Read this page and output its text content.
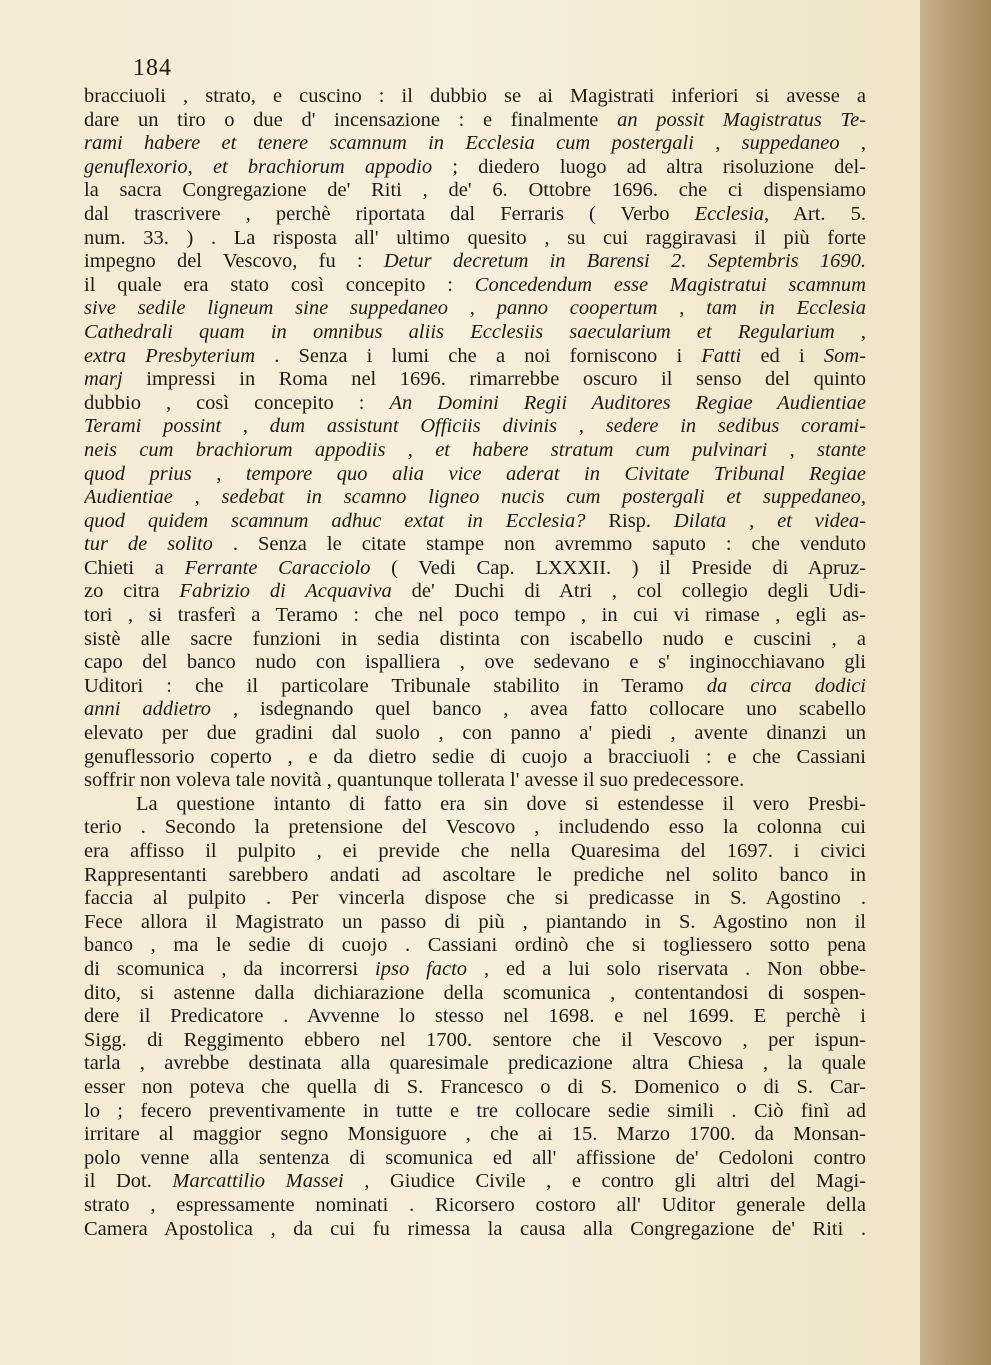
184
bracciuoli , strato, e cuscino : il dubbio se ai Magistrati inferiori si avesse a
dare un tiro o due d' incensazione : e finalmente an possit Magistratus Te-
rami habere et tenere scamnum in Ecclesia cum postergali , suppedaneo ,
genuflexorio, et brachiorum appodio ; diedero luogo ad altra risoluzione del-
la sacra Congregazione de' Riti , de' 6. Ottobre 1696. che ci dispensiamo
dal trascrivere , perchè riportata dal Ferraris ( Verbo Ecclesia, Art. 5.
num. 33. ) . La risposta all' ultimo quesito , su cui raggiravasi il più forte
impegno del Vescovo, fu : Detur decretum in Barensi 2. Septembris 1690.
il quale era stato così concepito : Concedendum esse Magistratui scamnum
sive sedile ligneum sine suppedaneo , panno coopertum , tam in Ecclesia
Cathedrali quam in omnibus aliis Ecclesiis saecularium et Regularium ,
extra Presbyterium . Senza i lumi che a noi forniscono i Fatti ed i Som-
marj impressi in Roma nel 1696. rimarrebbe oscuro il senso del quinto
dubbio , così concepito : An Domini Regii Auditores Regiae Audientiae
Terami possint , dum assistunt Officiis divinis , sedere in sedibus corami-
neis cum brachiorum appodiis , et habere stratum cum pulvinari , stante
quod prius , tempore quo alia vice aderat in Civitate Tribunal Regiae
Audientiae , sedebat in scamno ligneo nucis cum postergali et suppedaneo,
quod quidem scamnum adhuc extat in Ecclesia? Risp. Dilata , et videa-
tur de solito . Senza le citate stampe non avremmo saputo : che venduto
Chieti a Ferrante Caracciolo ( Vedi Cap. LXXXII. ) il Preside di Apruz-
zo citra Fabrizio di Acquaviva de' Duchi di Atri , col collegio degli Udi-
tori , si trasferì a Teramo : che nel poco tempo , in cui vi rimase , egli as-
sistè alle sacre funzioni in sedia distinta con iscabello nudo e cuscini , a
capo del banco nudo con ispalliera , ove sedevano e s' inginocchiavano gli
Uditori : che il particolare Tribunale stabilito in Teramo da circa dodici
anni addietro , isdegnando quel banco , avea fatto collocare uno scabello
elevato per due gradini dal suolo , con panno a' piedi , avente dinanzi un
genuflessorio coperto , e da dietro sedie di cuojo a bracciuoli : e che Cassiani
soffrir non voleva tale novità , quantunque tollerata l' avesse il suo predecessore.
La questione intanto di fatto era sin dove si estendesse il vero Presbi-
terio . Secondo la pretensione del Vescovo , includendo esso la colonna cui
era affisso il pulpito , ei previde che nella Quaresima del 1697. i civici
Rappresentanti sarebbero andati ad ascoltare le prediche nel solito banco in
faccia al pulpito . Per vincerla dispose che si predicasse in S. Agostino .
Fece allora il Magistrato un passo di più , piantando in S. Agostino non il
banco , ma le sedie di cuojo . Cassiani ordinò che si togliessero sotto pena
di scomunica , da incorrersi ipso facto , ed a lui solo riservata . Non obbe-
dito, si astenne dalla dichiarazione della scomunica , contentandosi di sospen-
dere il Predicatore . Avvenne lo stesso nel 1698. e nel 1699. E perchè i
Sigg. di Reggimento ebbero nel 1700. sentore che il Vescovo , per ispun-
tarla , avrebbe destinata alla quaresimale predicazione altra Chiesa , la quale
esser non poteva che quella di S. Francesco o di S. Domenico o di S. Car-
lo ; fecero preventivamente in tutte e tre collocare sedie simili . Ciò finì ad
irritare al maggior segno Monsiguore , che ai 15. Marzo 1700. da Monsan-
polo venne alla sentenza di scomunica ed all' affissione de' Cedoloni contro
il Dot. Marcattilio Massei , Giudice Civile , e contro gli altri del Magi-
strato , espressamente nominati . Ricorsero costoro all' Uditor generale della
Camera Apostolica , da cui fu rimessa la causa alla Congregazione de' Riti .
